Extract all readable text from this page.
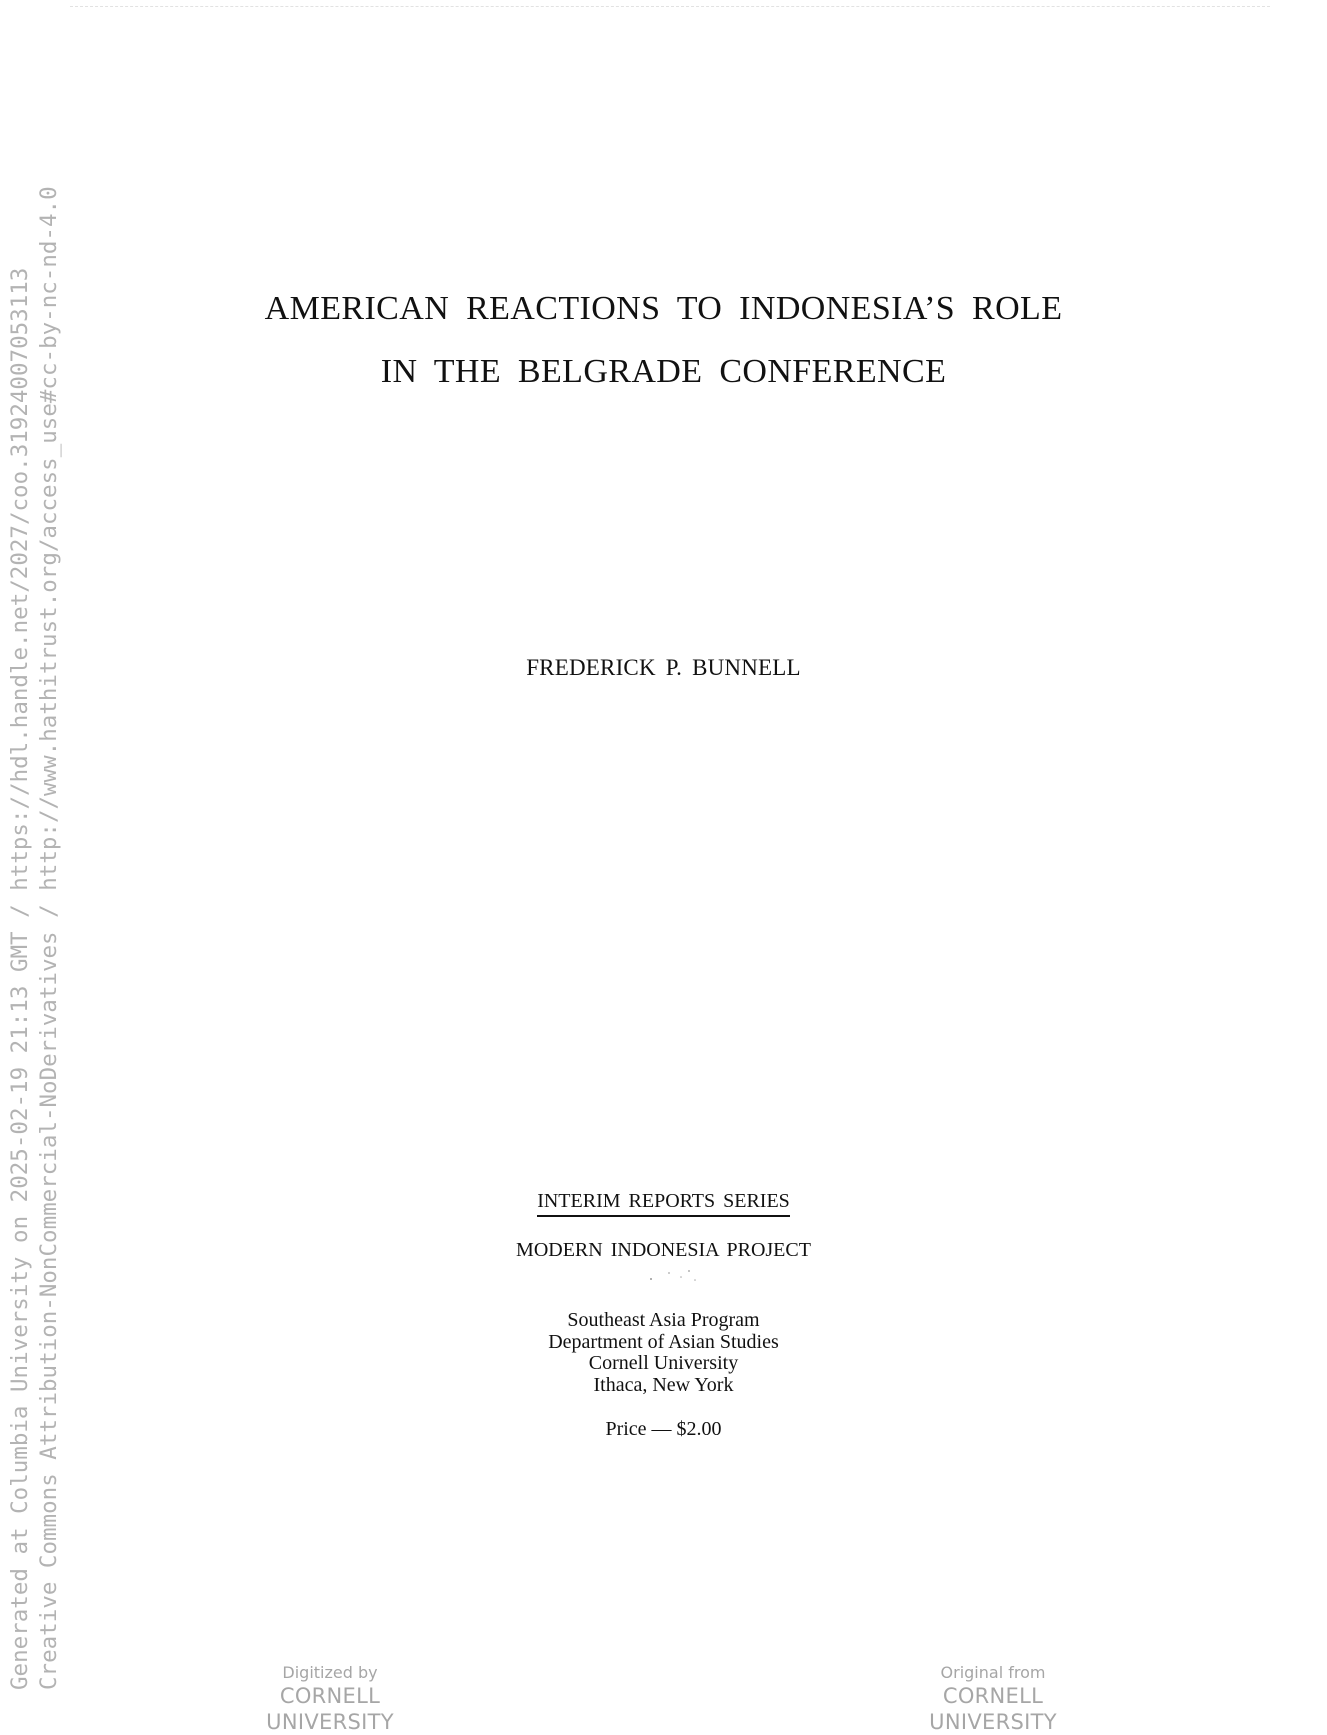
Generated at Columbia University on 2025-02-19 21:13 GMT / https://hdl.handle.net/2027/coo.31924007053113 Creative Commons Attribution-NonCommercial-NoDerivatives / http://www.hathitrust.org/access_use#cc-by-nc-nd-4.0	AMERICAN REACTIONS TO INDONESIA’S ROLE
IN THE BELGRADE CONFERENCE
FREDERICK P. BUNNELL
INTERIM REPORTS SERIES
MODERN INDONESIA PROJECT
Southeast Asia Program
Department of Asian Studies
Cornell University
Ithaca, New York
Price — $2.00
Digitized by
CORNELL UNIVERSITY
Original from
CORNELL UNIVERSITY
